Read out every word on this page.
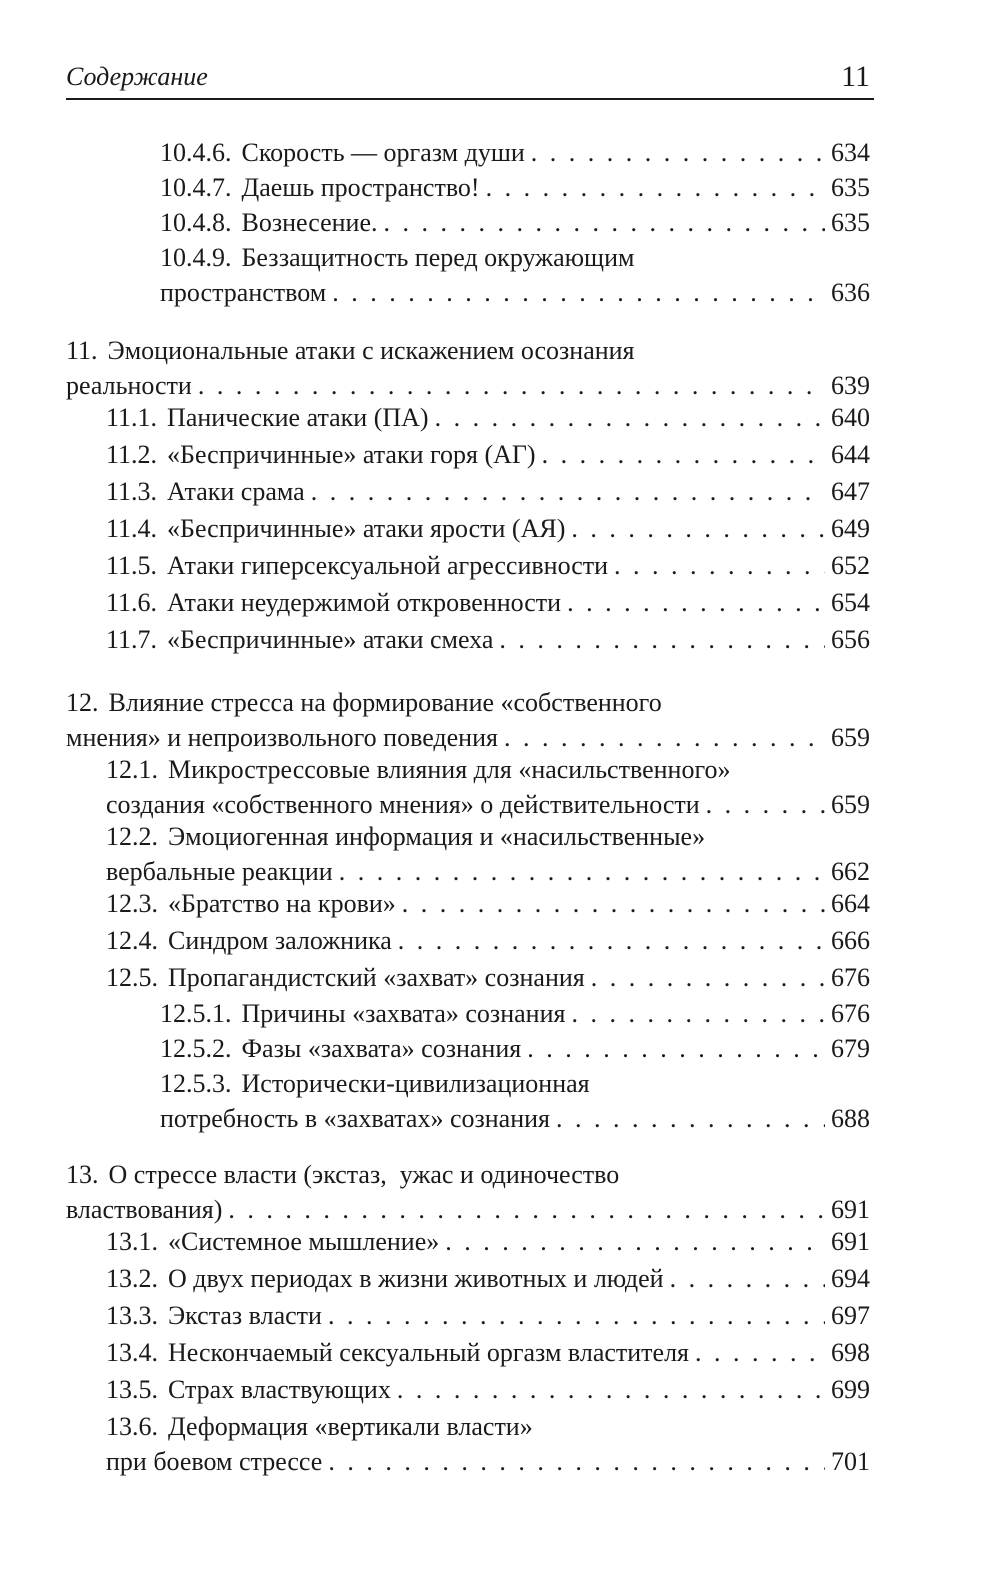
Содержание	11
10.4.6. Скорость — оргазм души . . .	634
10.4.7. Даешь пространство! . . .	635
10.4.8. Вознесение. . . .	635
10.4.9. Беззащитность перед окружающим
пространством . . .	636
11. Эмоциональные атаки с искажением осознания
реальности . . .	639
11.1. Панические атаки (ПА) . . .	640
11.2. «Беспричинные» атаки горя (АГ) . . .	644
11.3. Атаки срама . . .	647
11.4. «Беспричинные» атаки ярости (АЯ) . . .	649
11.5. Атаки гиперсексуальной агрессивности . . .	652
11.6. Атаки неудержимой откровенности . . .	654
11.7. «Беспричинные» атаки смеха . . .	656
12. Влияние стресса на формирование «собственного
мнения» и непроизвольного поведения . . .	659
12.1. Микрострессовые влияния для «насильственного»
создания «собственного мнения» о действительности . . .	659
12.2. Эмоциогенная информация и «насильственные»
вербальные реакции . . .	662
12.3. «Братство на крови» . . .	664
12.4. Синдром заложника . . .	666
12.5. Пропагандистский «захват» сознания . . .	676
12.5.1. Причины «захвата» сознания . . .	676
12.5.2. Фазы «захвата» сознания . . .	679
12.5.3. Исторически-цивилизационная
потребность в «захватах» сознания . . .	688
13. О стрессе власти (экстаз,  ужас и одиночество
властвования) . . .	691
13.1. «Системное мышление» . . .	691
13.2. О двух периодах в жизни животных и людей . . .	694
13.3. Экстаз власти . . .	697
13.4. Нескончаемый сексуальный оргазм властителя . . .	698
13.5. Страх властвующих . . .	699
13.6. Деформация «вертикали власти»
при боевом стрессе . . .	701
